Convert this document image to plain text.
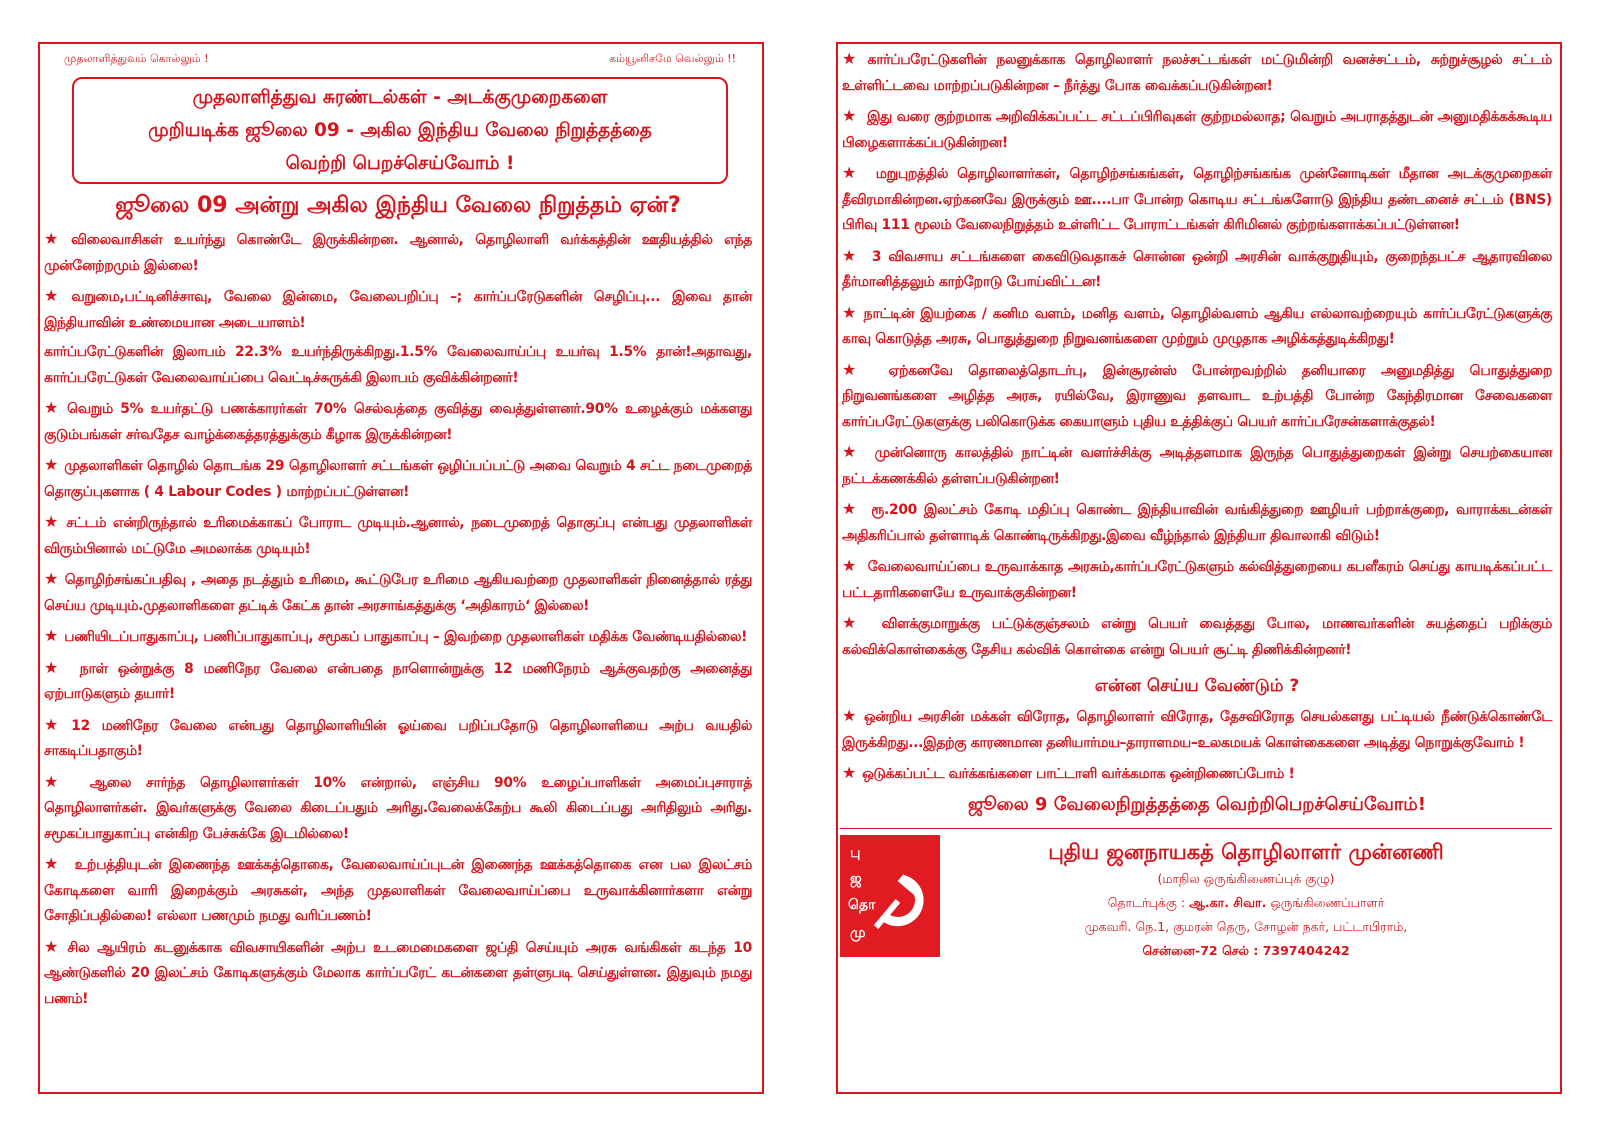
முதலாளித்துவம் கொல்லும் !	கம்யூனிசமே வெல்லும் !!
முதலாளித்துவ சுரண்டல்கள் - அடக்குமுறைகளை
முறியடிக்க ஜூலை 09 - அகில இந்திய வேலை நிறுத்தத்தை
வெற்றி பெறச்செய்வோம் !
ஜூலை 09 அன்று அகில இந்திய வேலை நிறுத்தம் ஏன்?
★ விலைவாசிகள் உயர்ந்து கொண்டே இருக்கின்றன. ஆனால், தொழிலாளி வர்க்கத்தின் ஊதியத்தில் எந்த முன்னேற்றமும் இல்லை!
★ வறுமை,பட்டினிச்சாவு, வேலை இன்மை, வேலைபறிப்பு –; கார்ப்பரேடுகளின் செழிப்பு... இவை தான் இந்தியாவின் உண்மையான அடையாளம்!
கார்ப்பரேட்டுகளின் இலாபம் 22.3% உயர்ந்திருக்கிறது.1.5% வேலைவாய்ப்பு உயர்வு 1.5% தான்!அதாவது, கார்ப்பரேட்டுகள் வேலைவாய்ப்பை வெட்டிச்சுருக்கி இலாபம் குவிக்கின்றனர்!
★ வெறும் 5% உயர்தட்டு பணக்காரர்கள் 70% செல்வத்தை குவித்து வைத்துள்ளனர்.90% உழைக்கும் மக்களது குடும்பங்கள் சர்வதேச வாழ்க்கைத்தரத்துக்கும் கீழாக இருக்கின்றன!
★ முதலாளிகள் தொழில் தொடங்க 29 தொழிலாளர் சட்டங்கள் ஒழிப்பப்பட்டு அவை வெறும் 4 சட்ட நடைமுறைத் தொகுப்புகளாக ( 4 Labour Codes ) மாற்றப்பட்டுள்ளன!
★ சட்டம் என்றிருந்தால் உரிமைக்காகப் போராட முடியும்.ஆனால், நடைமுறைத் தொகுப்பு என்பது முதலாளிகள் விரும்பினால் மட்டுமே அமலாக்க முடியும்!
★ தொழிற்சங்கப்பதிவு , அதை நடத்தும் உரிமை, கூட்டுபேர உரிமை ஆகியவற்றை முதலாளிகள் நினைத்தால் ரத்து செய்ய முடியும்.முதலாளிகளை தட்டிக் கேட்க தான் அரசாங்கத்துக்கு ‘அதிகாரம்‘ இல்லை!
★ பணியிடப்பாதுகாப்பு, பணிப்பாதுகாப்பு, சமூகப் பாதுகாப்பு – இவற்றை முதலாளிகள் மதிக்க வேண்டியதில்லை!
★ நாள் ஒன்றுக்கு 8 மணிநேர வேலை என்பதை நாளொன்றுக்கு 12 மணிநேரம் ஆக்குவதற்கு அனைத்து ஏற்பாடுகளும் தயார்!
★ 12 மணிநேர வேலை என்பது தொழிலாளியின் ஓய்வை பறிப்பதோடு தொழிலாளியை அற்ப வயதில் சாகடிப்பதாகும்!
★ ஆலை சார்ந்த தொழிலாளர்கள் 10% என்றால், எஞ்சிய 90% உழைப்பாளிகள் அமைப்புசாராத் தொழிலாளர்கள். இவர்களுக்கு வேலை கிடைப்பதும் அரிது.வேலைக்கேற்ப கூலி கிடைப்பது அரிதிலும் அரிது. சமூகப்பாதுகாப்பு என்கிற பேச்சுக்கே இடமில்லை!
★ உற்பத்தியுடன் இணைந்த ஊக்கத்தொகை, வேலைவாய்ப்புடன் இணைந்த ஊக்கத்தொகை என பல இலட்சம் கோடிகளை வாரி இறைக்கும் அரசுகள், அந்த முதலாளிகள் வேலைவாய்ப்பை உருவாக்கினார்களா என்று சோதிப்பதில்லை! எல்லா பணமும் நமது வரிப்பணம்!
★ சில ஆயிரம் கடனுக்காக விவசாயிகளின் அற்ப உடமைமைகளை ஜப்தி செய்யும் அரசு வங்கிகள் கடந்த 10 ஆண்டுகளில் 20 இலட்சம் கோடிகளுக்கும் மேலாக கார்ப்பரேட் கடன்களை தள்ளுபடி செய்துள்ளன. இதுவும் நமது பணம்!
★ கார்ப்பரேட்டுகளின் நலனுக்காக தொழிலாளர் நலச்சட்டங்கள் மட்டுமின்றி வனச்சட்டம், சுற்றுச்சூழல் சட்டம் உள்ளிட்டவை மாற்றப்படுகின்றன – நீர்த்து போக வைக்கப்படுகின்றன!
★ இது வரை குற்றமாக அறிவிக்கப்பட்ட சட்டப்பிரிவுகள் குற்றமல்லாத; வெறும் அபராதத்துடன் அனுமதிக்கக்கூடிய பிழைகளாக்கப்படுகின்றன!
★ மறுபுறத்தில் தொழிலாளர்கள், தொழிற்சங்கங்கள், தொழிற்சங்கங்க முன்னோடிகள் மீதான அடக்குமுறைகள் தீவிரமாகின்றன.ஏற்கனவே இருக்கும் ஊ....பா போன்ற கொடிய சட்டங்களோடு இந்திய தண்டனைச் சட்டம் (BNS) பிரிவு 111 மூலம் வேலைநிறுத்தம் உள்ளிட்ட போராட்டங்கள் கிரிமினல் குற்றங்களாக்கப்பட்டுள்ளன!
★ 3 விவசாய சட்டங்களை கைவிடுவதாகச் சொன்ன ஒன்றி அரசின் வாக்குறுதியும், குறைந்தபட்ச ஆதாரவிலை தீர்மானித்தலும் காற்றோடு போய்விட்டன!
★ நாட்டின் இயற்கை / கனிம வளம், மனித வளம், தொழில்வளம் ஆகிய எல்லாவற்றையும் கார்ப்பரேட்டுகளுக்கு காவு கொடுத்த அரசு, பொதுத்துறை நிறுவனங்களை முற்றும் முழுதாக அழிக்கத்துடிக்கிறது!
★ ஏற்கனவே தொலைத்தொடர்பு, இன்சூரன்ஸ் போன்றவற்றில் தனியாரை அனுமதித்து பொதுத்துறை நிறுவனங்களை அழித்த அரசு, ரயில்வே, இராணுவ தளவாட உற்பத்தி போன்ற கேந்திரமான சேவைகளை கார்ப்பரேட்டுகளுக்கு பலிகொடுக்க கையாளும் புதிய உத்திக்குப் பெயர் கார்ப்பரேசன்களாக்குதல்!
★ முன்னொரு காலத்தில் நாட்டின் வளர்ச்சிக்கு அடித்தளமாக இருந்த பொதுத்துறைகள் இன்று செயற்கையான நட்டக்கணக்கில் தள்ளப்படுகின்றன!
★ ரூ.200 இலட்சம் கோடி மதிப்பு கொண்ட இந்தியாவின் வங்கித்துறை ஊழியர் பற்றாக்குறை, வாராக்கடன்கள் அதிகரிப்பால் தள்ளாடிக் கொண்டிருக்கிறது.இவை வீழ்ந்தால் இந்தியா திவாலாகி விடும்!
★ வேலைவாய்ப்பை உருவாக்காத அரசும்,கார்ப்பரேட்டுகளும் கல்வித்துறையை கபளீகரம் செய்து காயடிக்கப்பட்ட பட்டதாரிகளையே உருவாக்குகின்றன!
★ விளக்குமாறுக்கு பட்டுக்குஞ்சலம் என்று பெயர் வைத்தது போல, மாணவர்களின் சுயத்தைப் பறிக்கும் கல்விக்கொள்கைக்கு தேசிய கல்விக் கொள்கை என்று பெயர் சூட்டி திணிக்கின்றனர்!
என்ன செய்ய வேண்டும் ?
★ ஒன்றிய அரசின் மக்கள் விரோத, தொழிலாளர் விரோத, தேசவிரோத செயல்களது பட்டியல் நீண்டுக்கொண்டே இருக்கிறது...இதற்கு காரணமான தனியார்மய–தாராளமய–உலகமயக் கொள்கைகளை அடித்து நொறுக்குவோம் !
★ ஒடுக்கப்பட்ட வர்க்கங்களை பாட்டாளி வர்க்கமாக ஒன்றிணைப்போம் !
ஜூலை 9 வேலைநிறுத்தத்தை வெற்றிபெறச்செய்வோம்!
பு
ஜ
தொ
மு
புதிய ஜனநாயகத் தொழிலாளர் முன்னணி
(மாநில ஒருங்கிணைப்புக் குழு)
தொடர்புக்கு : ஆ.கா. சிவா. ஒருங்கிணைப்பாளர்
முகவரி. நெ.1, குமரன் தெரு, சோழன் நகர், பட்டாபிராம்,
சென்னை-72 செல் : 7397404242
